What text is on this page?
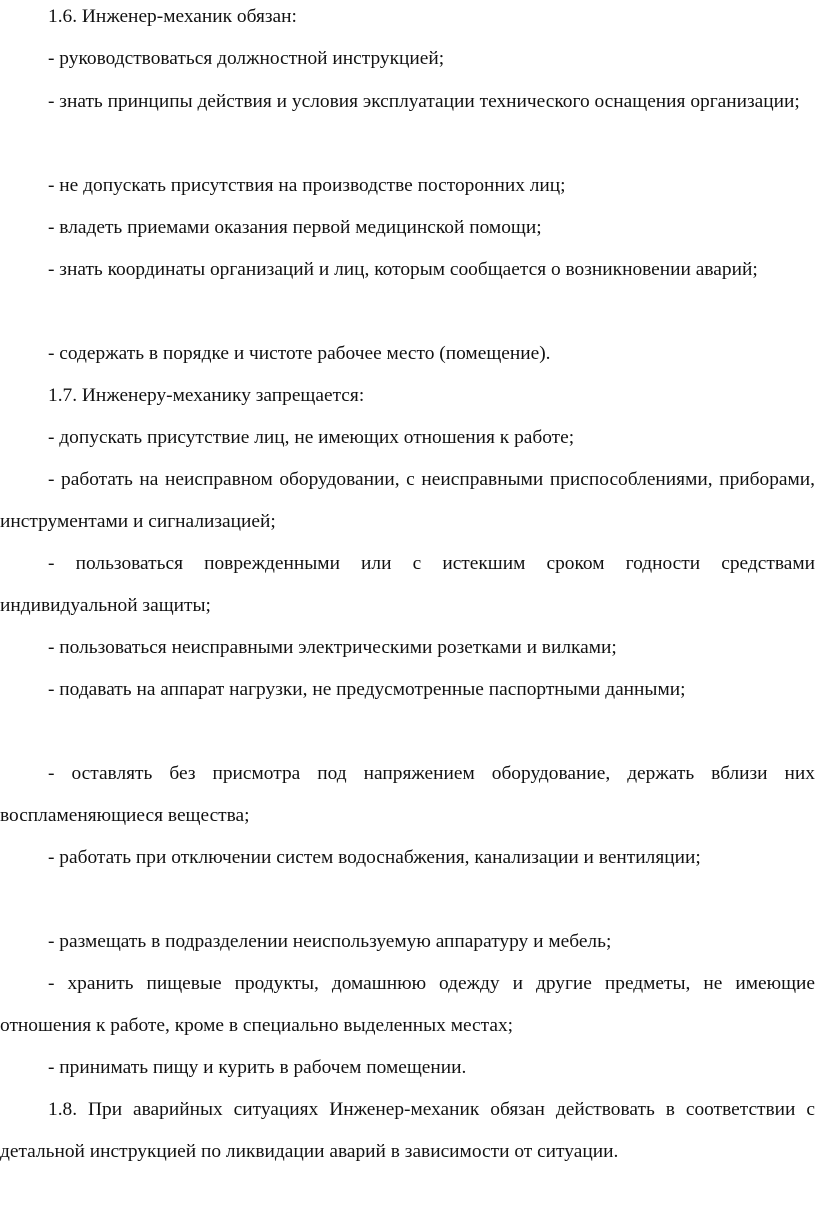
1.6. Инженер-механик обязан:

- руководствоваться должностной инструкцией;

- знать принципы действия и условия эксплуатации технического оснащения организации;

- не допускать присутствия на производстве посторонних лиц;

- владеть приемами оказания первой медицинской помощи;

- знать координаты организаций и лиц, которым сообщается о возникновении аварий;

- содержать в порядке и чистоте рабочее место (помещение).

1.7. Инженеру-механику запрещается:

- допускать присутствие лиц, не имеющих отношения к работе;

- работать на неисправном оборудовании, с неисправными приспособлениями, приборами, инструментами и сигнализацией;

- пользоваться поврежденными или с истекшим сроком годности средствами индивидуальной защиты;

- пользоваться неисправными электрическими розетками и вилками;

- подавать на аппарат нагрузки, не предусмотренные паспортными данными;

- оставлять без присмотра под напряжением оборудование, держать вблизи них воспламеняющиеся вещества;

- работать при отключении систем водоснабжения, канализации и вентиляции;

- размещать в подразделении неиспользуемую аппаратуру и мебель;

- хранить пищевые продукты, домашнюю одежду и другие предметы, не имеющие отношения к работе, кроме в специально выделенных местах;

- принимать пищу и курить в рабочем помещении.

1.8. При аварийных ситуациях Инженер-механик обязан действовать в соответствии с детальной инструкцией по ликвидации аварий в зависимости от ситуации.
